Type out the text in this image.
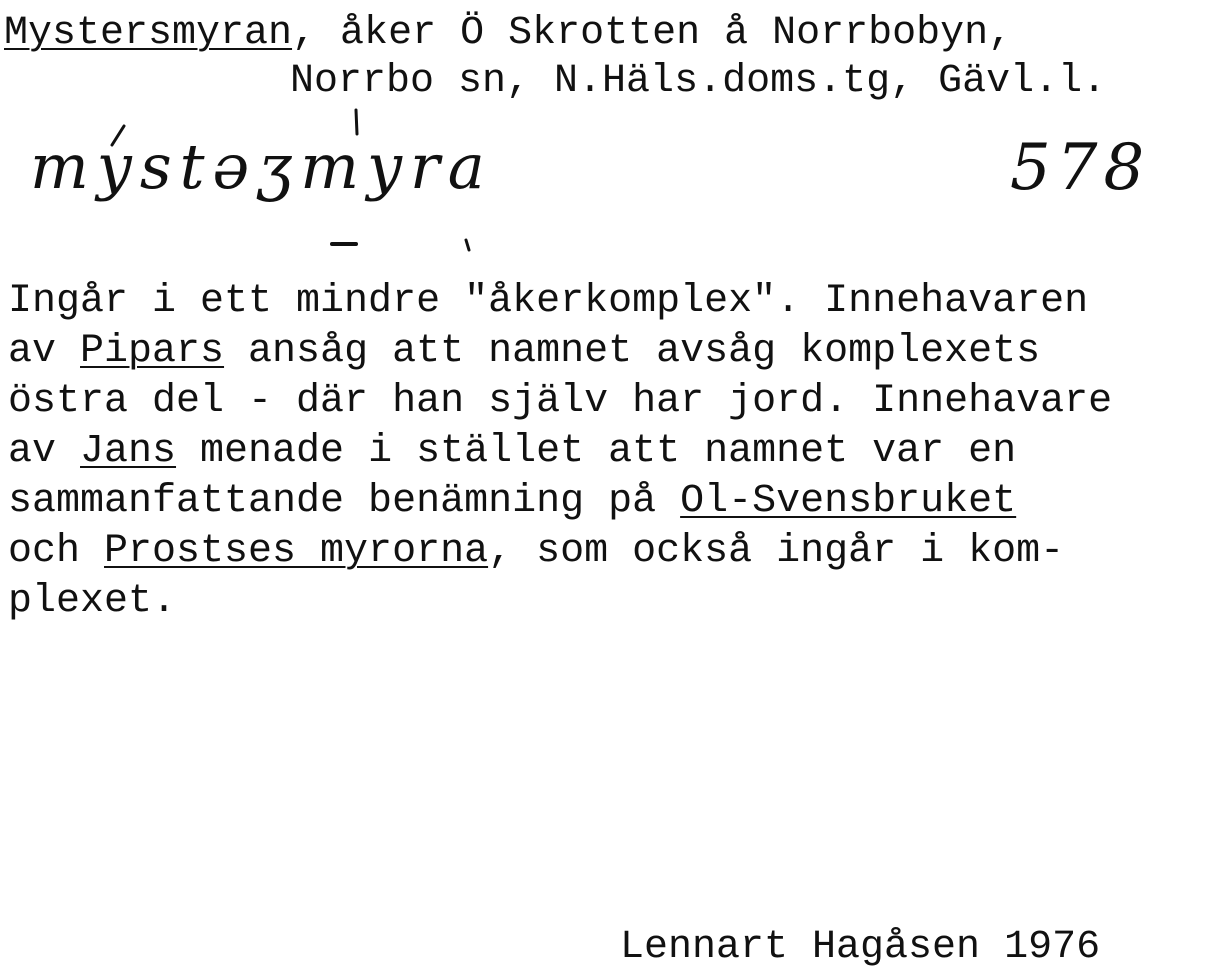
Mystersmyran, åker Ö Skrotten å Norrbobyn,
Norrbo sn, N.Häls.doms.tg, Gävl.l.
mystəʒmyra	578
Ingår i ett mindre "åkerkomplex". Innehavaren
av Pipars ansåg att namnet avsåg komplexets
östra del - där han själv har jord. Innehavare
av Jans menade i stället att namnet var en
sammanfattande benämning på Ol-Svensbruket
och Prostses myrorna, som också ingår i kom-
plexet.
Lennart Hagåsen 1976
